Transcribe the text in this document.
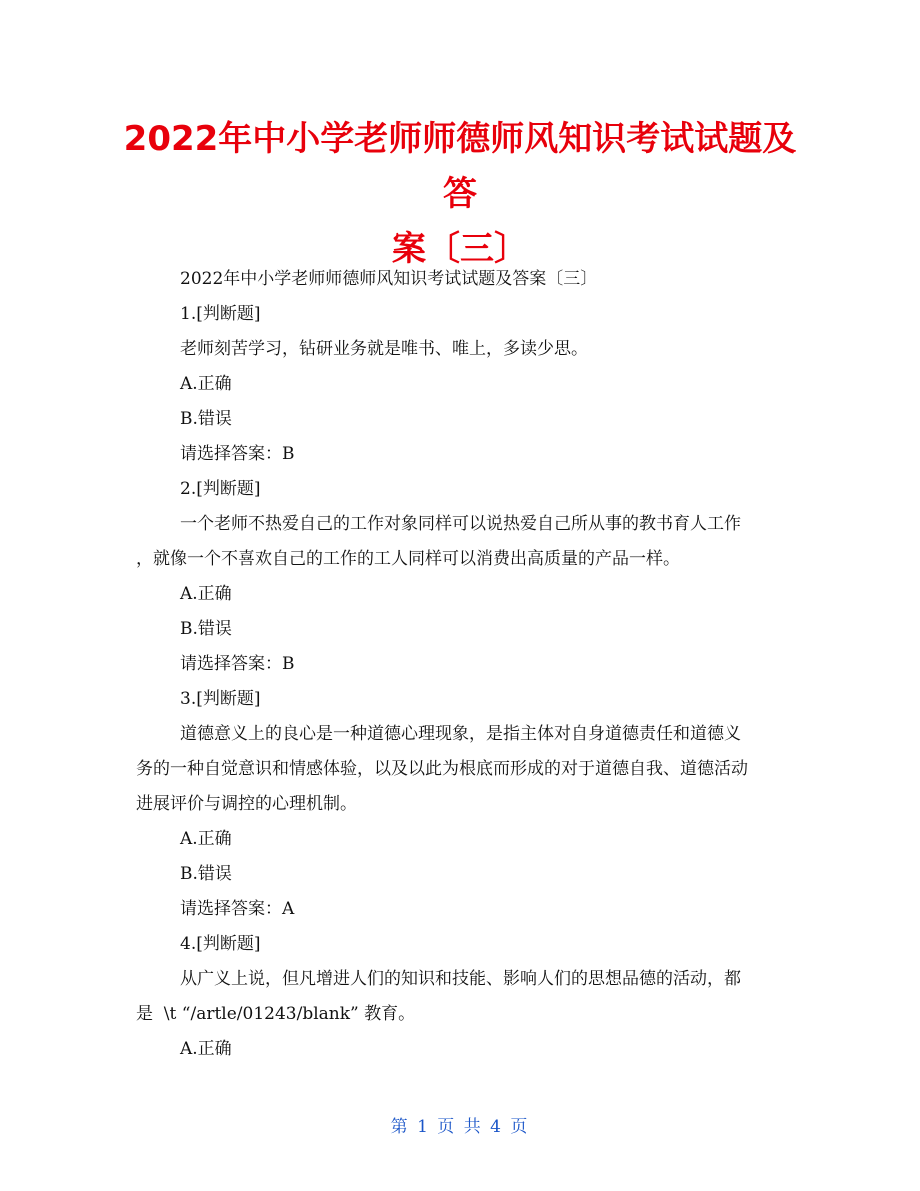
2022年中小学老师师德师风知识考试试题及答
案〔三〕

2022年中小学老师师德师风知识考试试题及答案〔三〕

1.[判断题]

老师刻苦学习，钻研业务就是唯书、唯上，多读少思。

A.正确

B.错误

请选择答案：B

2.[判断题]

一个老师不热爱自己的工作对象同样可以说热爱自己所从事的教书育人工作

，就像一个不喜欢自己的工作的工人同样可以消费出高质量的产品一样。

A.正确

B.错误

请选择答案：B

3.[判断题]

道德意义上的良心是一种道德心理现象，是指主体对自身道德责任和道德义

务的一种自觉意识和情感体验，以及以此为根底而形成的对于道德自我、道德活动

进展评价与调控的心理机制。

A.正确

B.错误

请选择答案：A

4.[判断题]

从广义上说，但凡增进人们的知识和技能、影响人们的思想品德的活动，都

是  \t “/artle/01243/blank” 教育。

A.正确

第 1 页 共 4 页
